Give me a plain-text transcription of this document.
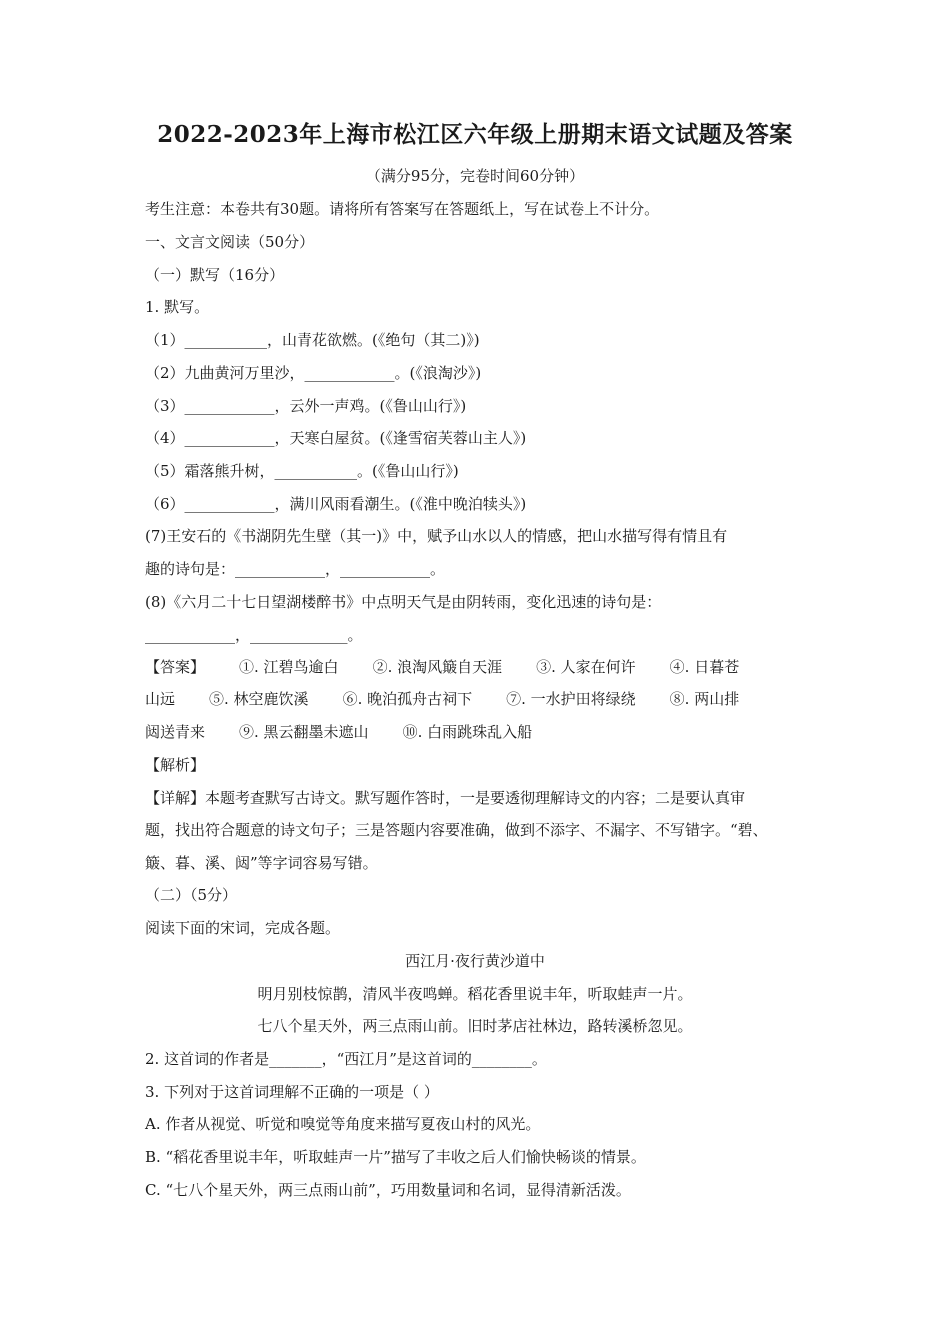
2022-2023年上海市松江区六年级上册期末语文试题及答案
（满分95分，完卷时间60分钟）
考生注意：本卷共有30题。请将所有答案写在答题纸上，写在试卷上不计分。
一、文言文阅读（50分）
（一）默写（16分）
1. 默写。
（1）___________，山青花欲燃。(《绝句（其二)》)
（2）九曲黄河万里沙，____________。(《浪淘沙》)
（3）____________，云外一声鸡。(《鲁山山行》)
（4）____________，天寒白屋贫。(《逢雪宿芙蓉山主人》)
（5）霜落熊升树，___________。(《鲁山山行》)
（6）____________，满川风雨看潮生。(《淮中晚泊犊头》)
(7)王安石的《书湖阴先生壁（其一)》中，赋予山水以人的情感，把山水描写得有情且有
趣的诗句是：____________，____________。
(8)《六月二十七日望湖楼醉书》中点明天气是由阴转雨，变化迅速的诗句是：
____________，_____________。
【答案】 ①. 江碧鸟逾白 ②. 浪淘风簸自天涯 ③. 人家在何许 ④. 日暮苍
山远 ⑤. 林空鹿饮溪 ⑥. 晚泊孤舟古祠下 ⑦. 一水护田将绿绕 ⑧. 两山排
闼送青来 ⑨. 黑云翻墨未遮山 ⑩. 白雨跳珠乱入船
【解析】
【详解】本题考查默写古诗文。默写题作答时，一是要透彻理解诗文的内容；二是要认真审
题，找出符合题意的诗文句子；三是答题内容要准确，做到不添字、不漏字、不写错字。“碧、
簸、暮、溪、闼”等字词容易写错。
（二）（5分）
阅读下面的宋词，完成各题。
西江月·夜行黄沙道中
明月别枝惊鹊，清风半夜鸣蝉。稻花香里说丰年，听取蛙声一片。
七八个星天外，两三点雨山前。旧时茅店社林边，路转溪桥忽见。
2. 这首词的作者是_______，“西江月”是这首词的________。
3. 下列对于这首词理解不正确的一项是（ ）
A. 作者从视觉、听觉和嗅觉等角度来描写夏夜山村的风光。
B. “稻花香里说丰年，听取蛙声一片”描写了丰收之后人们愉快畅谈的情景。
C. “七八个星天外，两三点雨山前”，巧用数量词和名词，显得清新活泼。
